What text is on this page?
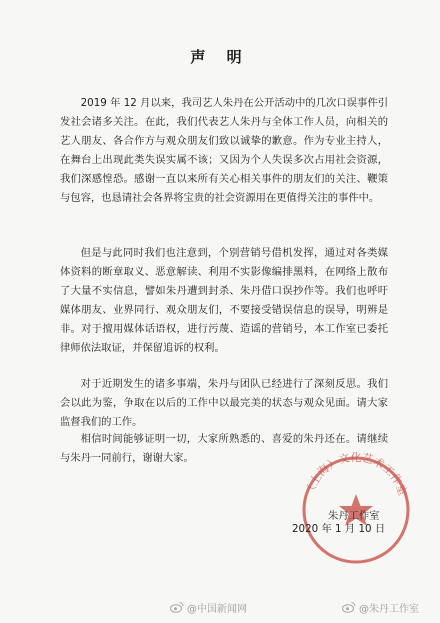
声 明

2019 年 12 月以来，我司艺人朱丹在公开活动中的几次口误事件引发社会诸多关注。在此，我们代表艺人朱丹与全体工作人员，向相关的艺人朋友、各合作方与观众朋友们致以诚挚的歉意。作为专业主持人，在舞台上出现此类失误实属不该；又因为个人失误多次占用社会资源，我们深感惶恐。感谢一直以来所有关心相关事件的朋友们的关注、鞭策与包容，也恳请社会各界将宝贵的社会资源用在更值得关注的事件中。

但是与此同时我们也注意到，个别营销号借机发挥，通过对各类媒体资料的断章取义、恶意解读、利用不实影像编排黑料，在网络上散布了大量不实信息，譬如朱丹遭到封杀、朱丹借口误抄作等。我们也呼吁媒体朋友、业界同行、观众朋友们，不要接受错误信息的误导，明辨是非。对于擅用媒体话语权，进行污蔑、造谣的营销号，本工作室已委托律师依法取证，并保留追诉的权利。

对于近期发生的诸多事端，朱丹与团队已经进行了深刻反思。我们会以此为鉴，争取在以后的工作中以最完美的状态与观众见面。请大家监督我们的工作。

相信时间能够证明一切，大家所熟悉的、喜爱的朱丹还在。请继续与朱丹一同前行，谢谢大家。

（上海）文化艺术工作室
朱丹工作室
2020 年 1 月 10 日
@中国新闻网	@朱丹工作室
